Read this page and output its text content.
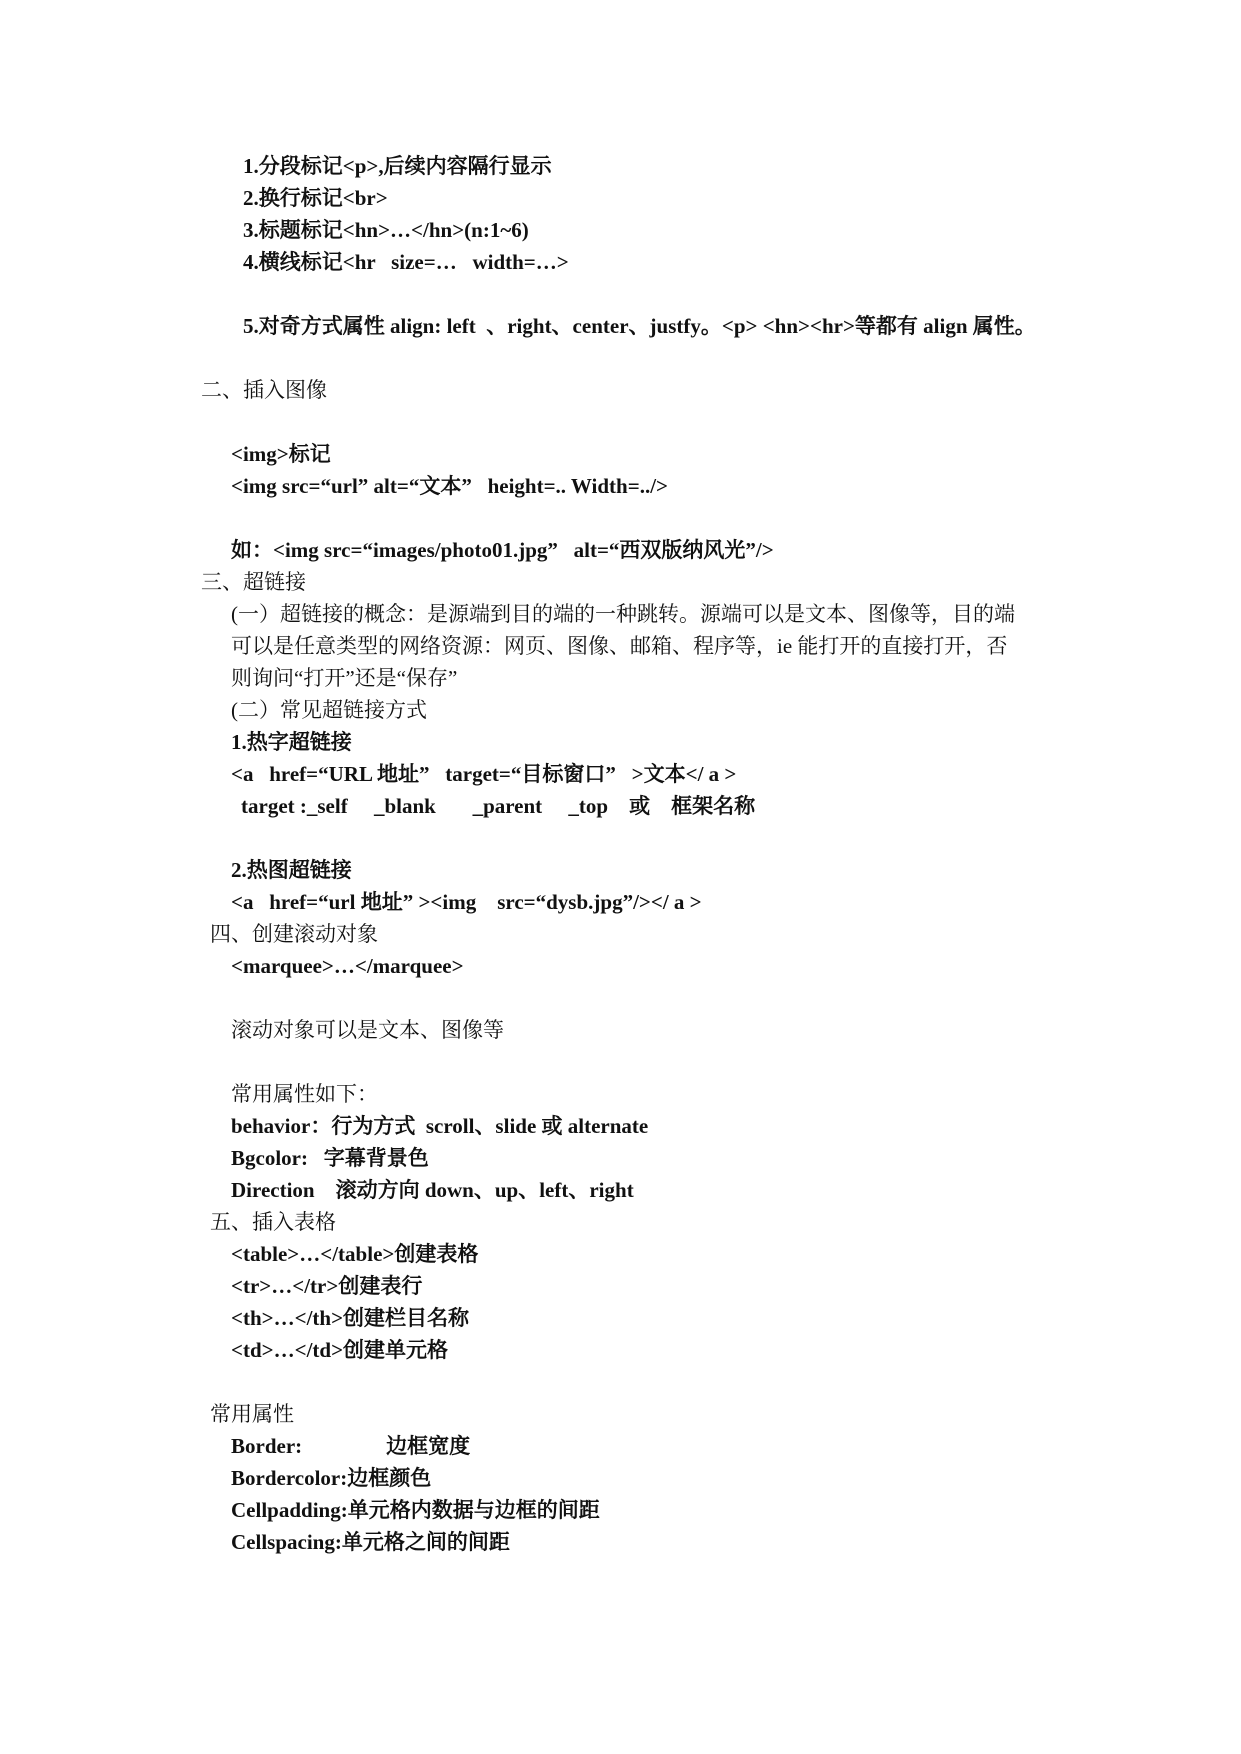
1.分段标记<p>,后续内容隔行显示
2.换行标记<br>
3.标题标记<hn>…</hn>(n:1~6)
4.横线标记<hr   size=…   width=…>
5.对奇方式属性 align: left  、right、center、justfy。<p> <hn><hr>等都有 align 属性。
二、插入图像
<img>标记
<img src=“url” alt=“文本”   height=.. Width=../>
如：<img src=“images/photo01.jpg”   alt=“西双版纳风光”/>
三、超链接
(一）超链接的概念：是源端到目的端的一种跳转。源端可以是文本、图像等，目的端
可以是任意类型的网络资源：网页、图像、邮箱、程序等，ie 能打开的直接打开，否
则询问“打开”还是“保存”
(二）常见超链接方式
1.热字超链接
<a   href=“URL 地址”   target=“目标窗口”   >文本</ a >
target :_self     _blank       _parent     _top    或    框架名称
2.热图超链接
<a   href=“url 地址” ><img    src=“dysb.jpg”/></ a >
四、创建滚动对象
<marquee>…</marquee>
滚动对象可以是文本、图像等
常用属性如下：
behavior：行为方式  scroll、slide 或 alternate
Bgcolor:   字幕背景色
Direction    滚动方向 down、up、left、right
五、插入表格
<table>…</table>创建表格
<tr>…</tr>创建表行
<th>…</th>创建栏目名称
<td>…</td>创建单元格
常用属性
Border:                边框宽度
Bordercolor:边框颜色
Cellpadding:单元格内数据与边框的间距
Cellspacing:单元格之间的间距
